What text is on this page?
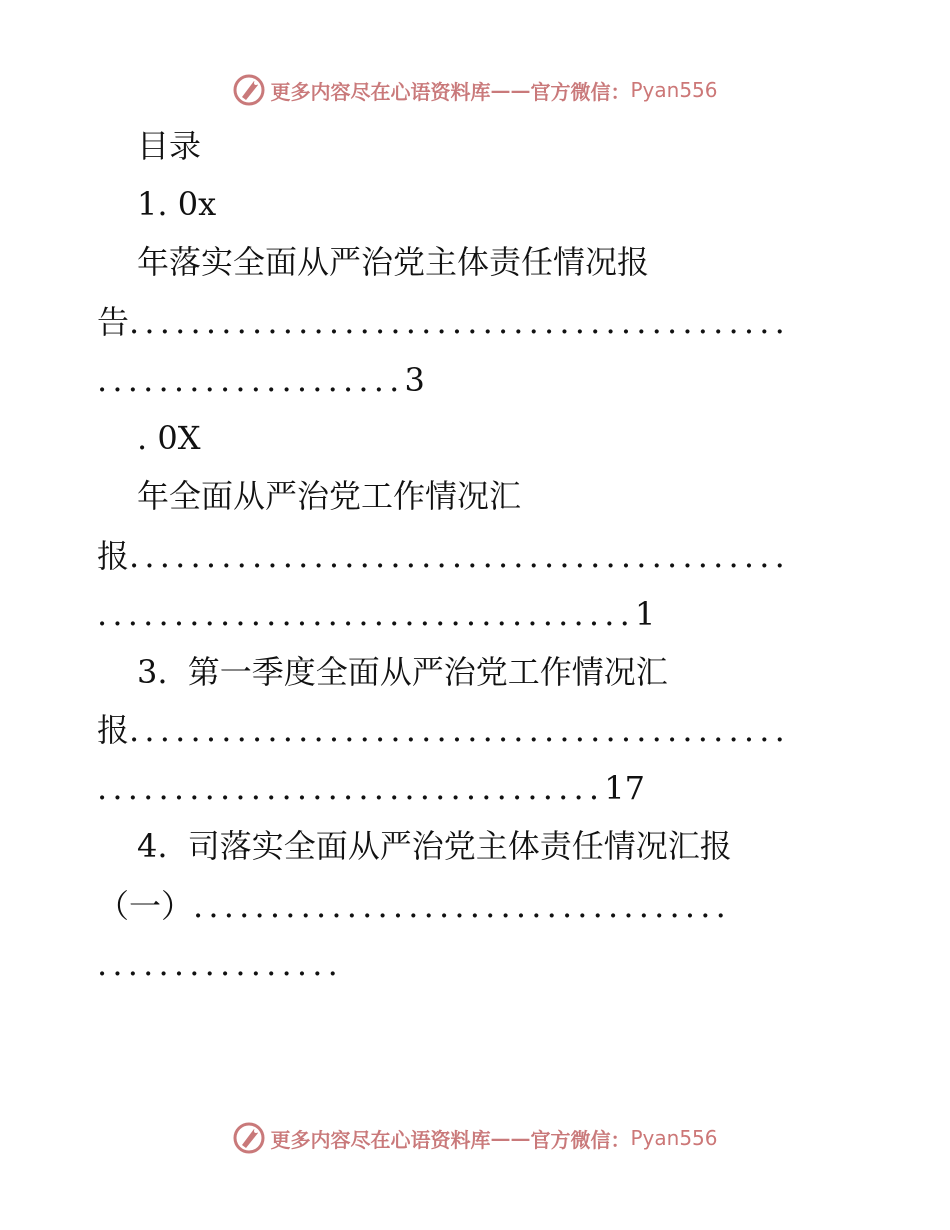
更多内容尽在心语资料库 —— 官方微信： Pyan556
目录
1. 0x
年落实全面从严治党主体责任情况报
告...........................................
....................3
. 0X
年全面从严治党工作情况汇
报...........................................
...................................1
3. 第一季度全面从严治党工作情况汇
报...........................................
.................................17
4. 司落实全面从严治党主体责任情况汇报
（一）...................................
................
更多内容尽在心语资料库 —— 官方微信： Pyan556
